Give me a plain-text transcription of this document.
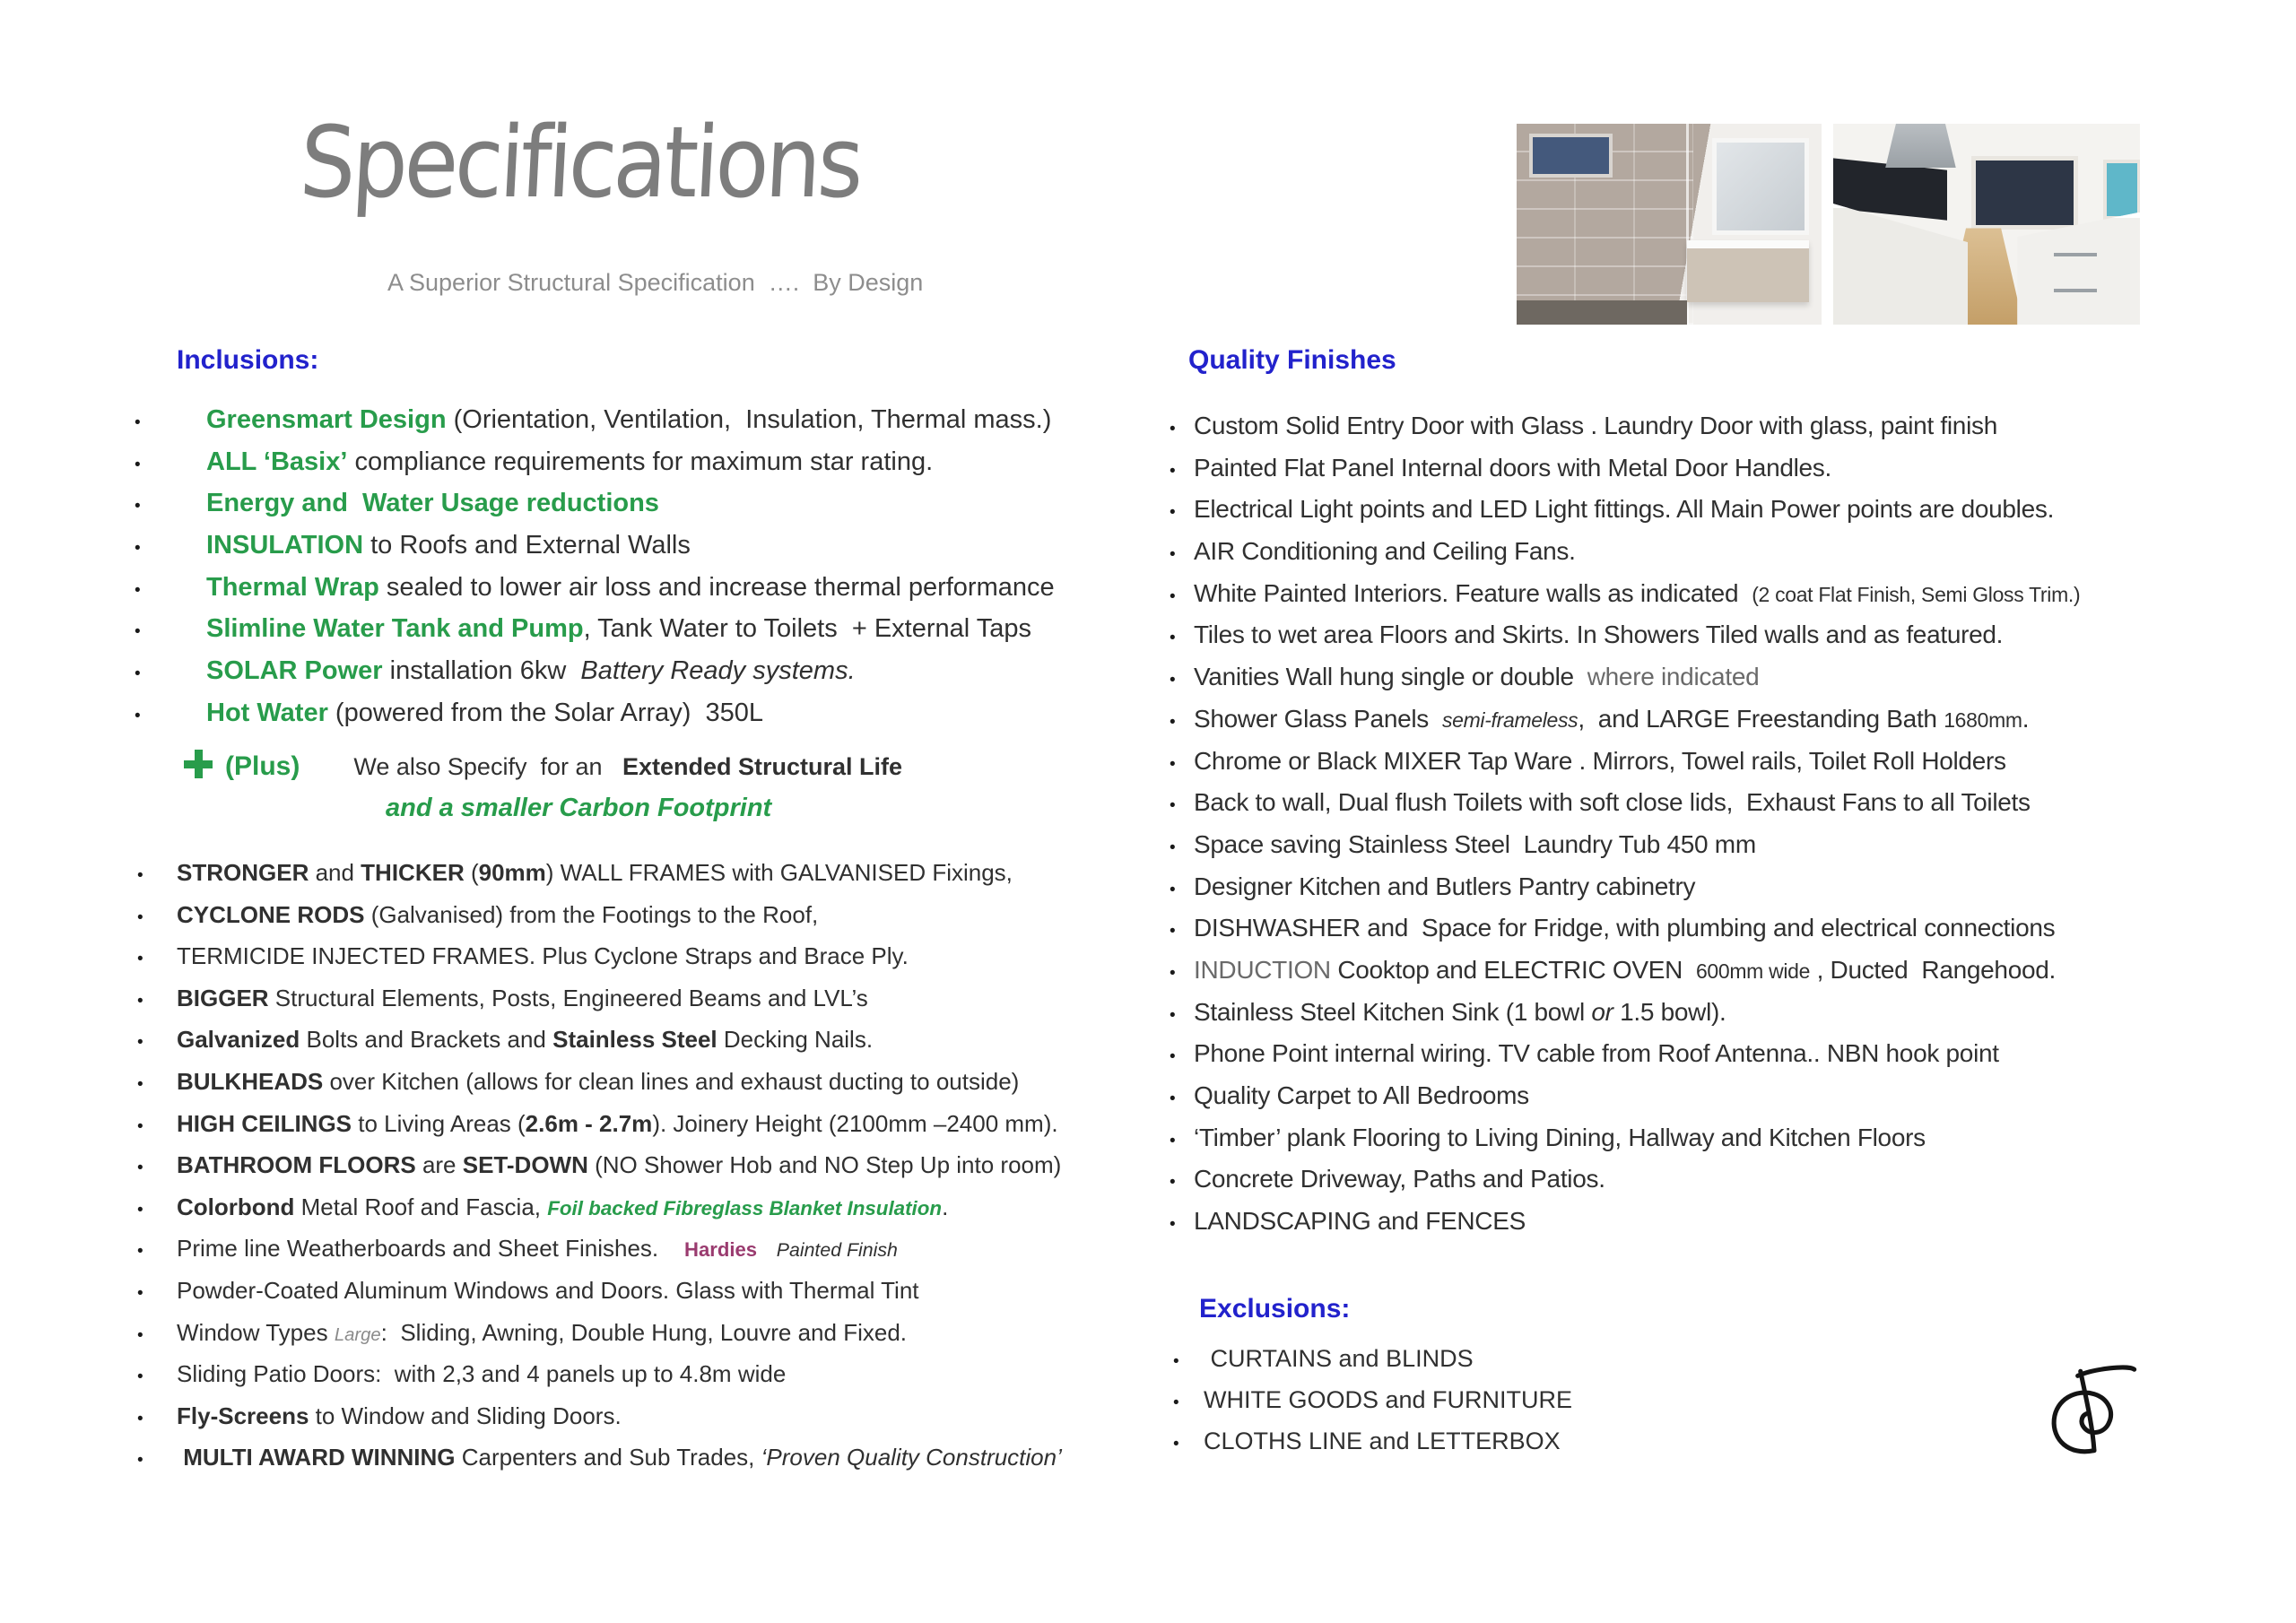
Specifications
A Superior Structural Specification  ….  By Design
Inclusions:
•	Greensmart Design (Orientation, Ventilation,  Insulation, Thermal mass.)
•	ALL ‘Basix’ compliance requirements for maximum star rating.
•	Energy and  Water Usage reductions
•	INSULATION to Roofs and External Walls
•	Thermal Wrap sealed to lower air loss and increase thermal performance
•	Slimline Water Tank and Pump, Tank Water to Toilets  + External Taps
•	SOLAR Power installation 6kw  Battery Ready systems.
•	Hot Water (powered from the Solar Array)  350L
(Plus)        We also Specify  for an   Extended Structural Life
and a smaller Carbon Footprint
• STRONGER and THICKER (90mm) WALL FRAMES with GALVANISED Fixings,
• CYCLONE RODS (Galvanised) from the Footings to the Roof,
• TERMICIDE INJECTED FRAMES. Plus Cyclone Straps and Brace Ply.
• BIGGER Structural Elements, Posts, Engineered Beams and LVL’s
• Galvanized Bolts and Brackets and Stainless Steel Decking Nails.
• BULKHEADS over Kitchen (allows for clean lines and exhaust ducting to outside)
• HIGH CEILINGS to Living Areas (2.6m - 2.7m). Joinery Height (2100mm –2400 mm).
• BATHROOM FLOORS are SET-DOWN (NO Shower Hob and NO Step Up into room)
• Colorbond Metal Roof and Fascia, Foil backed Fibreglass Blanket Insulation.
• Prime line Weatherboards and Sheet Finishes.    Hardies Painted Finish
• Powder-Coated Aluminum Windows and Doors. Glass with Thermal Tint
• Window Types Large:  Sliding, Awning, Double Hung, Louvre and Fixed.
• Sliding Patio Doors:  with 2,3 and 4 panels up to 4.8m wide
• Fly-Screens to Window and Sliding Doors.
• MULTI AWARD WINNING Carpenters and Sub Trades, ‘Proven Quality Construction’
Quality Finishes
• Custom Solid Entry Door with Glass . Laundry Door with glass, paint finish
• Painted Flat Panel Internal doors with Metal Door Handles.
• Electrical Light points and LED Light fittings. All Main Power points are doubles.
• AIR Conditioning and Ceiling Fans.
• White Painted Interiors. Feature walls as indicated  (2 coat Flat Finish, Semi Gloss Trim.)
• Tiles to wet area Floors and Skirts. In Showers Tiled walls and as featured.
• Vanities Wall hung single or double  where indicated
• Shower Glass Panels  semi-frameless,  and LARGE Freestanding Bath 1680mm.
• Chrome or Black MIXER Tap Ware . Mirrors, Towel rails, Toilet Roll Holders
• Back to wall, Dual flush Toilets with soft close lids,  Exhaust Fans to all Toilets
• Space saving Stainless Steel  Laundry Tub 450 mm
• Designer Kitchen and Butlers Pantry cabinetry
• DISHWASHER and  Space for Fridge, with plumbing and electrical connections
• INDUCTION Cooktop and ELECTRIC OVEN  600mm wide , Ducted  Rangehood.
• Stainless Steel Kitchen Sink (1 bowl or 1.5 bowl).
• Phone Point internal wiring. TV cable from Roof Antenna.. NBN hook point
• Quality Carpet to All Bedrooms
• ‘Timber’ plank Flooring to Living Dining, Hallway and Kitchen Floors
• Concrete Driveway, Paths and Patios.
• LANDSCAPING and FENCES
Exclusions:
• CURTAINS and BLINDS
• WHITE GOODS and FURNITURE
• CLOTHS LINE and LETTERBOX
